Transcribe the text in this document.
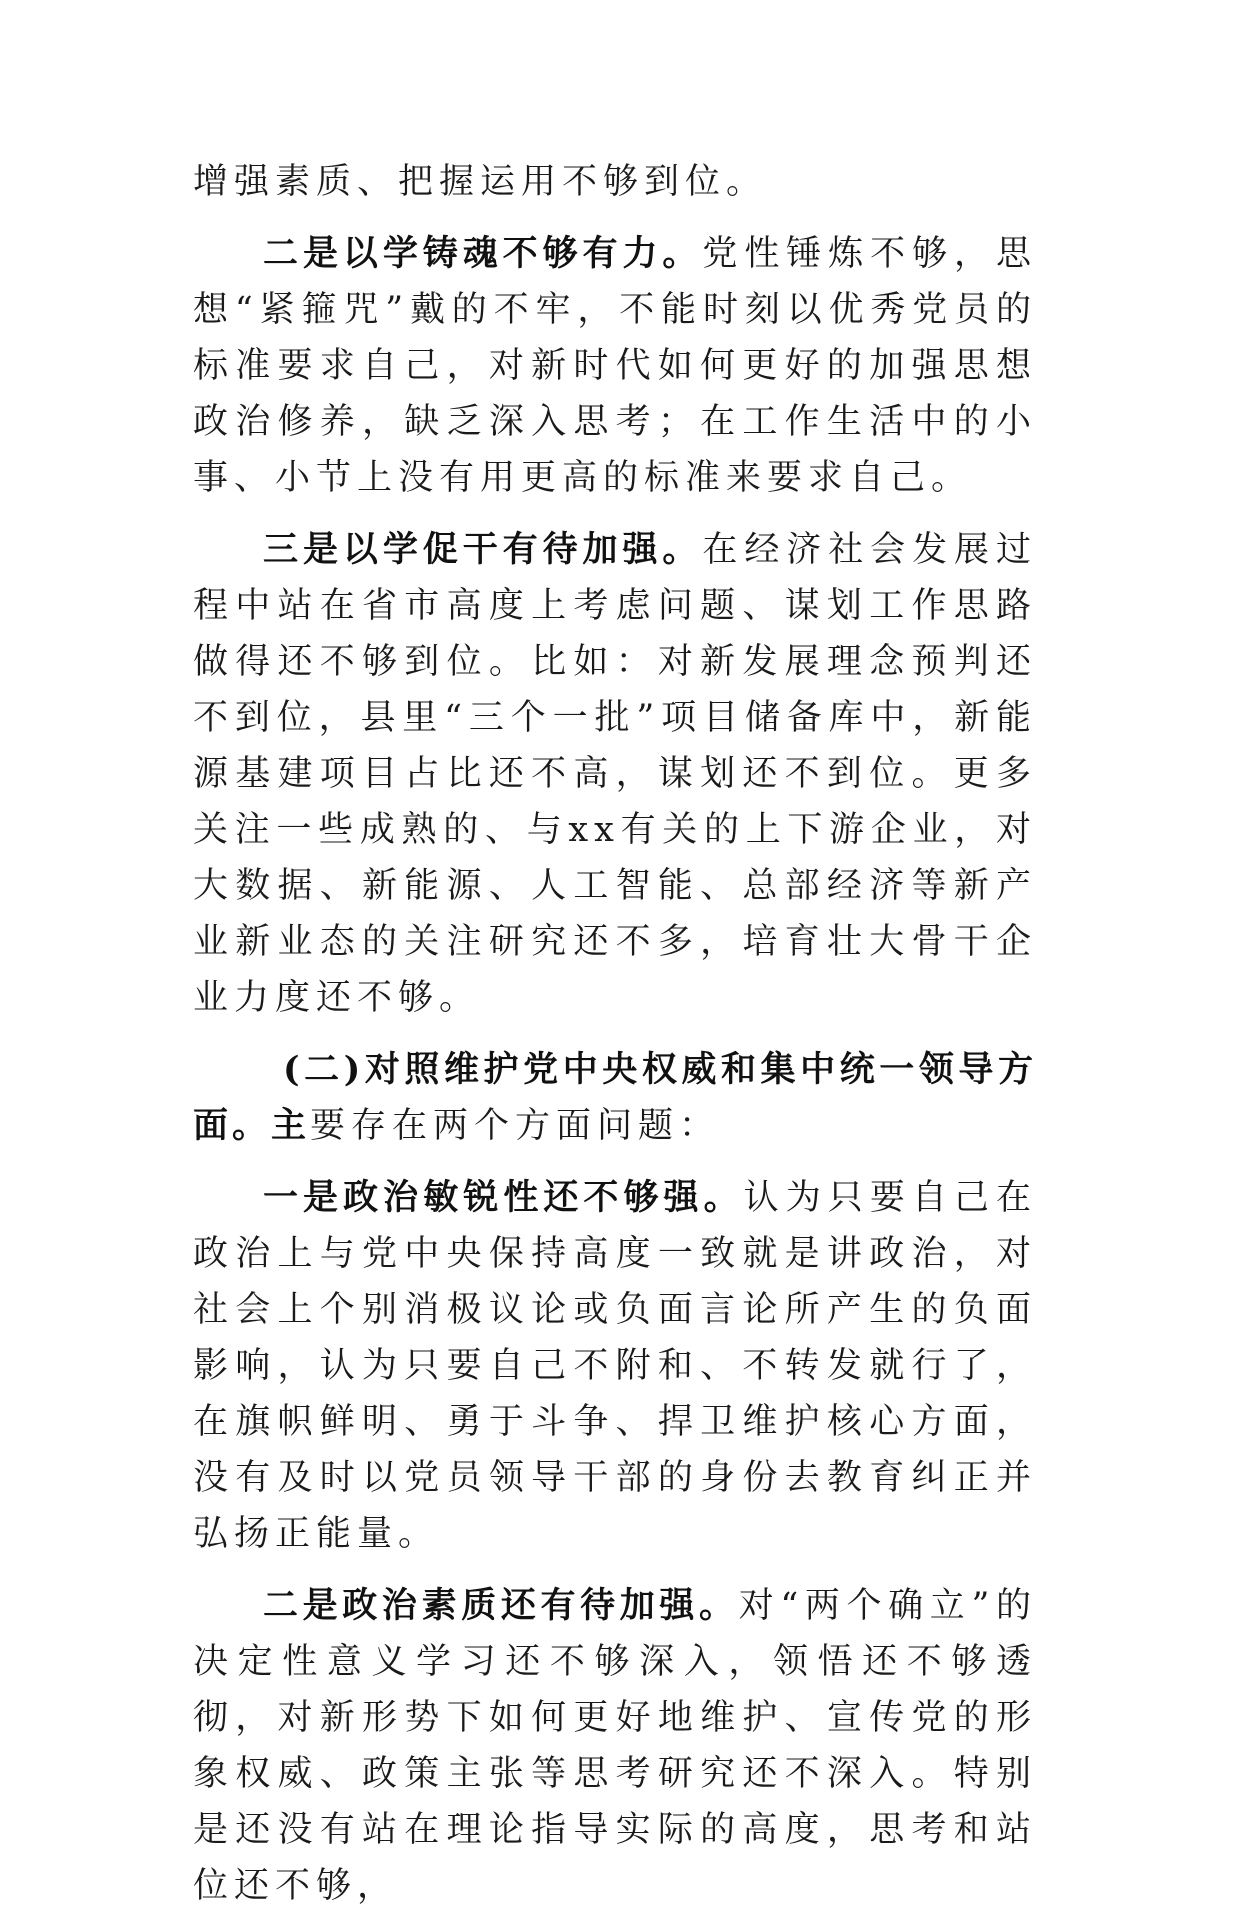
增强素质、把握运用不够到位。

二是以学铸魂不够有力。党性锤炼不够，思想“紧箍咒”戴的不牢，不能时刻以优秀党员的标准要求自己，对新时代如何更好的加强思想政治修养，缺乏深入思考；在工作生活中的小事、小节上没有用更高的标准来要求自己。

三是以学促干有待加强。在经济社会发展过程中站在省市高度上考虑问题、谋划工作思路做得还不够到位。比如：对新发展理念预判还不到位，县里“三个一批”项目储备库中，新能源基建项目占比还不高，谋划还不到位。更多关注一些成熟的、与xx有关的上下游企业，对大数据、新能源、人工智能、总部经济等新产业新业态的关注研究还不多，培育壮大骨干企业力度还不够。

(二)对照维护党中央权威和集中统一领导方面。主要存在两个方面问题：

一是政治敏锐性还不够强。认为只要自己在政治上与党中央保持高度一致就是讲政治，对社会上个别消极议论或负面言论所产生的负面影响，认为只要自己不附和、不转发就行了，在旗帜鲜明、勇于斗争、捍卫维护核心方面，没有及时以党员领导干部的身份去教育纠正并弘扬正能量。

二是政治素质还有待加强。对“两个确立”的决定性意义学习还不够深入，领悟还不够透彻，对新形势下如何更好地维护、宣传党的形象权威、政策主张等思考研究还不深入。特别是还没有站在理论指导实际的高度，思考和站位还不够，
